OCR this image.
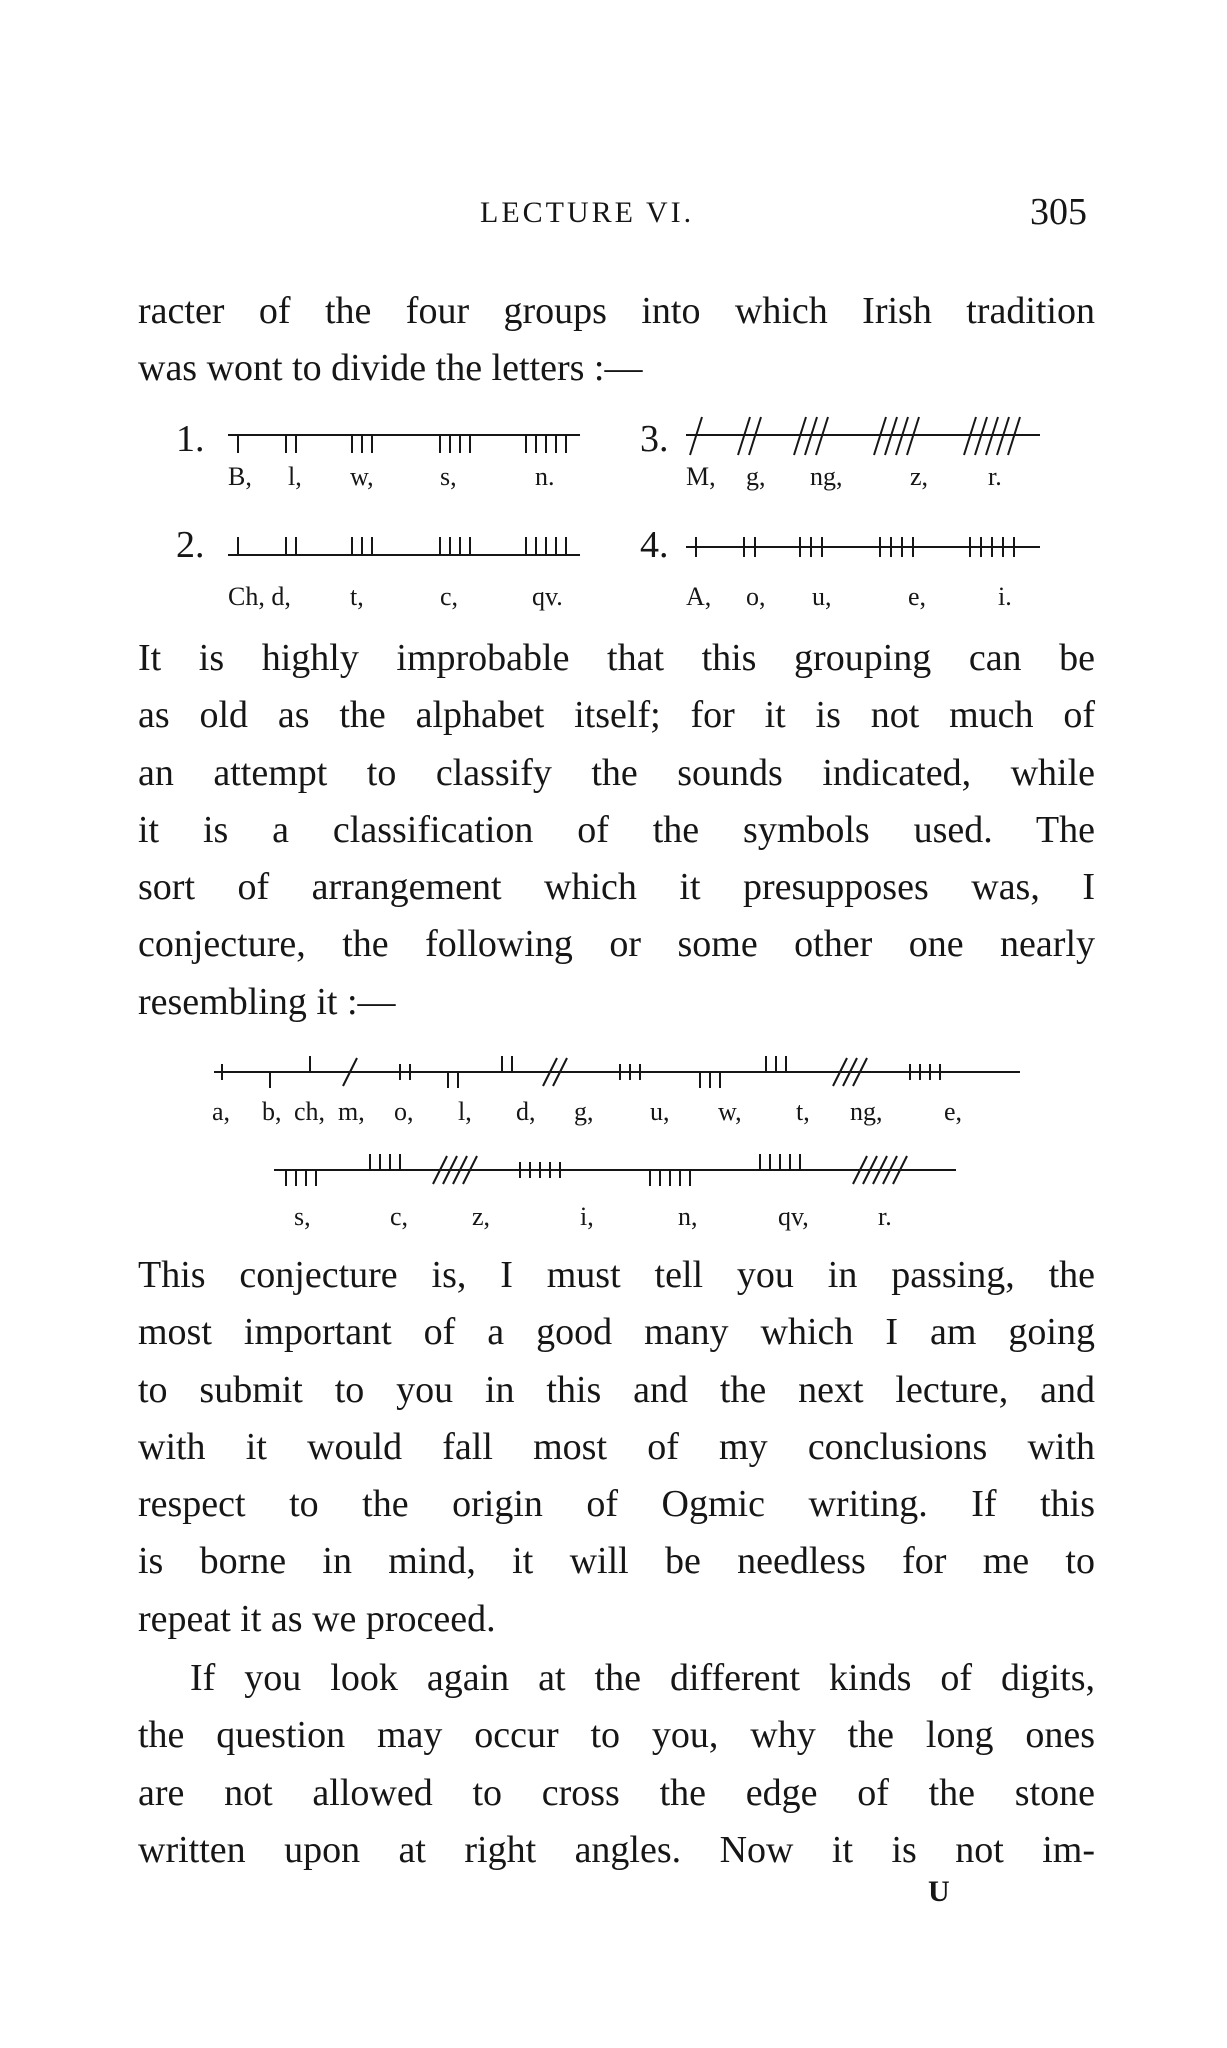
LECTURE VI.	305
racter of the four groups into which Irish tradition
was wont to divide the letters :—
1.
B, l, w,	s,	n.
2.
Ch, d, t,	c,	qv.
3.
M, g, ng,	z, r.
4.
A, o, u,	e,	i.
It is highly improbable that this grouping can be
as old as the alphabet itself; for it is not much of
an attempt to classify the sounds indicated, while
it is a classification of the symbols used. The
sort of arrangement which it presupposes was, I
conjecture, the following or some other one nearly
resembling it :—
a, b, ch, m, o, l, d, g, u, w, t, ng, e,
s,	c, z,	i,	n,	qv,	r.
This conjecture is, I must tell you in passing, the
most important of a good many which I am going
to submit to you in this and the next lecture, and
with it would fall most of my conclusions with
respect to the origin of Ogmic writing. If this
is borne in mind, it will be needless for me to
repeat it as we proceed.
If you look again at the different kinds of digits,
the question may occur to you, why the long ones
are not allowed to cross the edge of the stone
written upon at right angles. Now it is not im-
U
